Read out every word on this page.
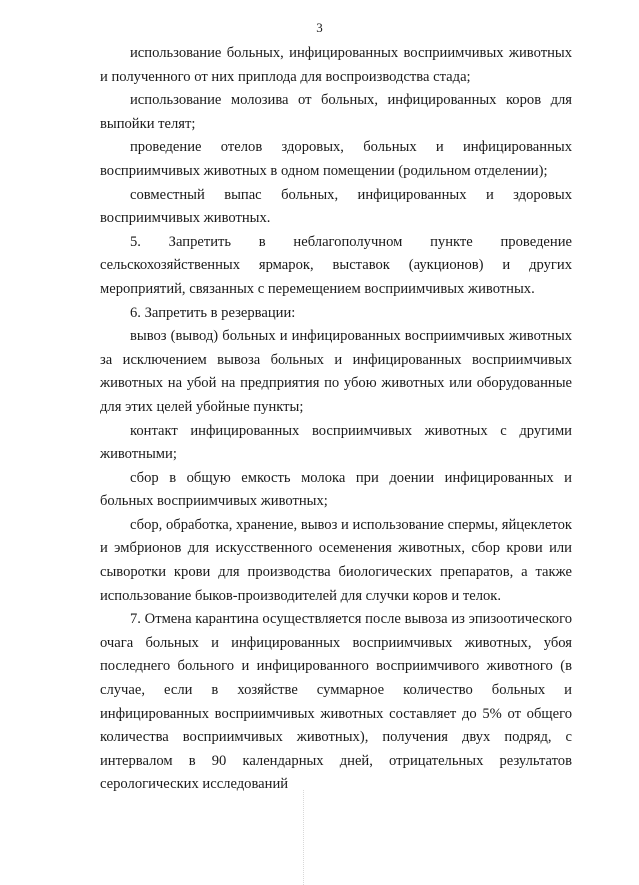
3

использование больных, инфицированных восприимчивых животных и полученного от них приплода для воспроизводства стада;

использование молозива от больных, инфицированных коров для выпойки телят;

проведение отелов здоровых, больных и инфицированных восприимчивых животных в одном помещении (родильном отделении);

совместный выпас больных, инфицированных и здоровых восприимчивых животных.

5. Запретить в неблагополучном пункте проведение сельскохозяйственных ярмарок, выставок (аукционов) и других мероприятий, связанных с перемещением восприимчивых животных.

6. Запретить в резервации:

вывоз (вывод) больных и инфицированных восприимчивых животных за исключением вывоза больных и инфицированных восприимчивых животных на убой на предприятия по убою животных или оборудованные для этих целей убойные пункты;

контакт инфицированных восприимчивых животных с другими животными;

сбор в общую емкость молока при доении инфицированных и больных восприимчивых животных;

сбор, обработка, хранение, вывоз и использование спермы, яйцеклеток и эмбрионов для искусственного осеменения животных, сбор крови или сыворотки крови для производства биологических препаратов, а также использование быков-производителей для случки коров и телок.

7. Отмена карантина осуществляется после вывоза из эпизоотического очага больных и инфицированных восприимчивых животных, убоя последнего больного и инфицированного восприимчивого животного (в случае, если в хозяйстве суммарное количество больных и инфицированных восприимчивых животных составляет до 5% от общего количества восприимчивых животных), получения двух подряд, с интервалом в 90 календарных дней, отрицательных результатов серологических исследований
